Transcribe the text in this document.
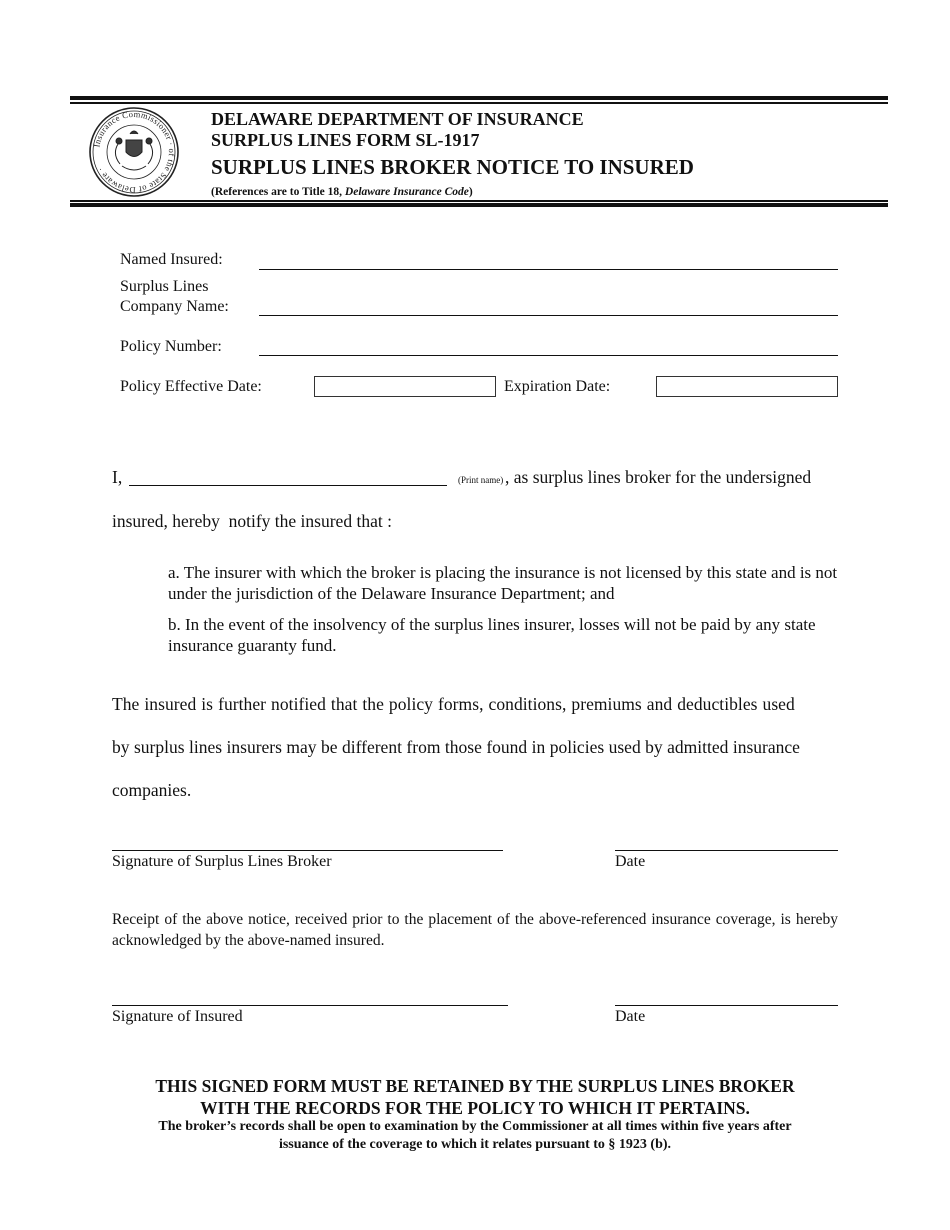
Insurance Commissioner · of the State of Delaware ·
DELAWARE DEPARTMENT OF INSURANCE
SURPLUS LINES FORM SL-1917
SURPLUS LINES BROKER NOTICE TO INSURED
(References are to Title 18, Delaware Insurance Code)
Named Insured:
Surplus Lines
Company Name:
Policy Number:
Policy Effective Date:	Expiration Date:
I,	(Print name) , as surplus lines broker for the undersigned
insured, hereby  notify the insured that :
a. The insurer with which the broker is placing the insurance is not licensed by this state and is not under the jurisdiction of the Delaware Insurance Department; and
b. In the event of the insolvency of the surplus lines insurer, losses will not be paid by any state insurance guaranty fund.
The insured is further notified that the policy forms, conditions, premiums and deductibles used
by surplus lines insurers may be different from those found in policies used by admitted insurance
companies.
Signature of Surplus Lines Broker	Date
Receipt of the above notice, received prior to the placement of the above-referenced insurance coverage, is hereby acknowledged by the above-named insured.
Signature of Insured	Date
THIS SIGNED FORM MUST BE RETAINED BY THE SURPLUS LINES BROKER
WITH THE RECORDS FOR THE POLICY TO WHICH IT PERTAINS.
The broker’s records shall be open to examination by the Commissioner at all times within five years after
issuance of the coverage to which it relates pursuant to § 1923 (b).
